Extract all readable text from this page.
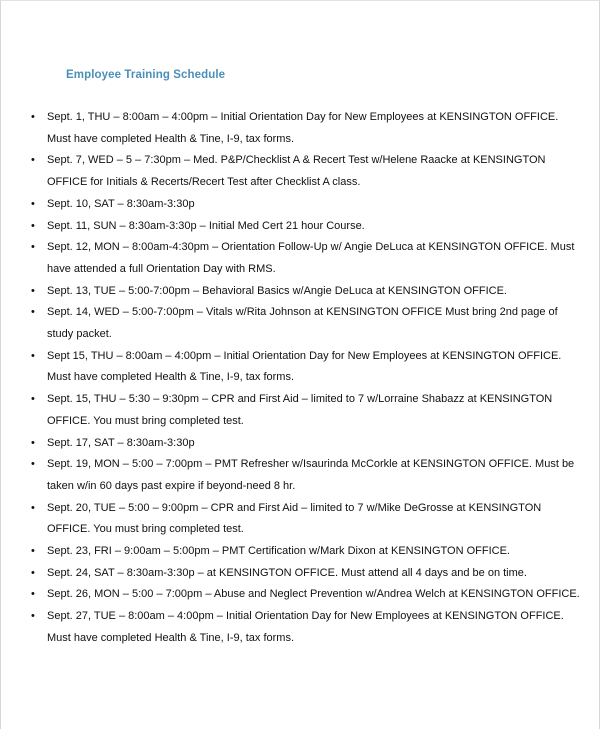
Employee Training Schedule
• Sept. 1, THU – 8:00am – 4:00pm – Initial Orientation Day for New Employees at KENSINGTON OFFICE. Must have completed Health & Tine, I-9, tax forms.
• Sept. 7, WED – 5 – 7:30pm – Med. P&P/Checklist A & Recert Test w/Helene Raacke at KENSINGTON OFFICE for Initials & Recerts/Recert Test after Checklist A class.
• Sept. 10, SAT – 8:30am-3:30p
• Sept. 11, SUN – 8:30am-3:30p – Initial Med Cert 21 hour Course.
• Sept. 12, MON – 8:00am-4:30pm – Orientation Follow-Up w/ Angie DeLuca at KENSINGTON OFFICE. Must have attended a full Orientation Day with RMS.
• Sept. 13, TUE – 5:00-7:00pm – Behavioral Basics w/Angie DeLuca at KENSINGTON OFFICE.
• Sept. 14, WED – 5:00-7:00pm – Vitals w/Rita Johnson at KENSINGTON OFFICE Must bring 2nd page of study packet.
• Sept 15, THU – 8:00am – 4:00pm – Initial Orientation Day for New Employees at KENSINGTON OFFICE. Must have completed Health & Tine, I-9, tax forms.
• Sept. 15, THU – 5:30 – 9:30pm – CPR and First Aid – limited to 7 w/Lorraine Shabazz at KENSINGTON OFFICE. You must bring completed test.
• Sept. 17, SAT – 8:30am-3:30p
• Sept. 19, MON – 5:00 – 7:00pm – PMT Refresher w/Isaurinda McCorkle at KENSINGTON OFFICE. Must be taken w/in 60 days past expire if beyond-need 8 hr.
• Sept. 20, TUE – 5:00 – 9:00pm – CPR and First Aid – limited to 7 w/Mike DeGrosse at KENSINGTON OFFICE. You must bring completed test.
• Sept. 23, FRI – 9:00am – 5:00pm – PMT Certification w/Mark Dixon at KENSINGTON OFFICE.
• Sept. 24, SAT – 8:30am-3:30p – at KENSINGTON OFFICE. Must attend all 4 days and be on time.
• Sept. 26, MON – 5:00 – 7:00pm – Abuse and Neglect Prevention w/Andrea Welch at KENSINGTON OFFICE.
• Sept. 27, TUE – 8:00am – 4:00pm – Initial Orientation Day for New Employees at KENSINGTON OFFICE. Must have completed Health & Tine, I-9, tax forms.
